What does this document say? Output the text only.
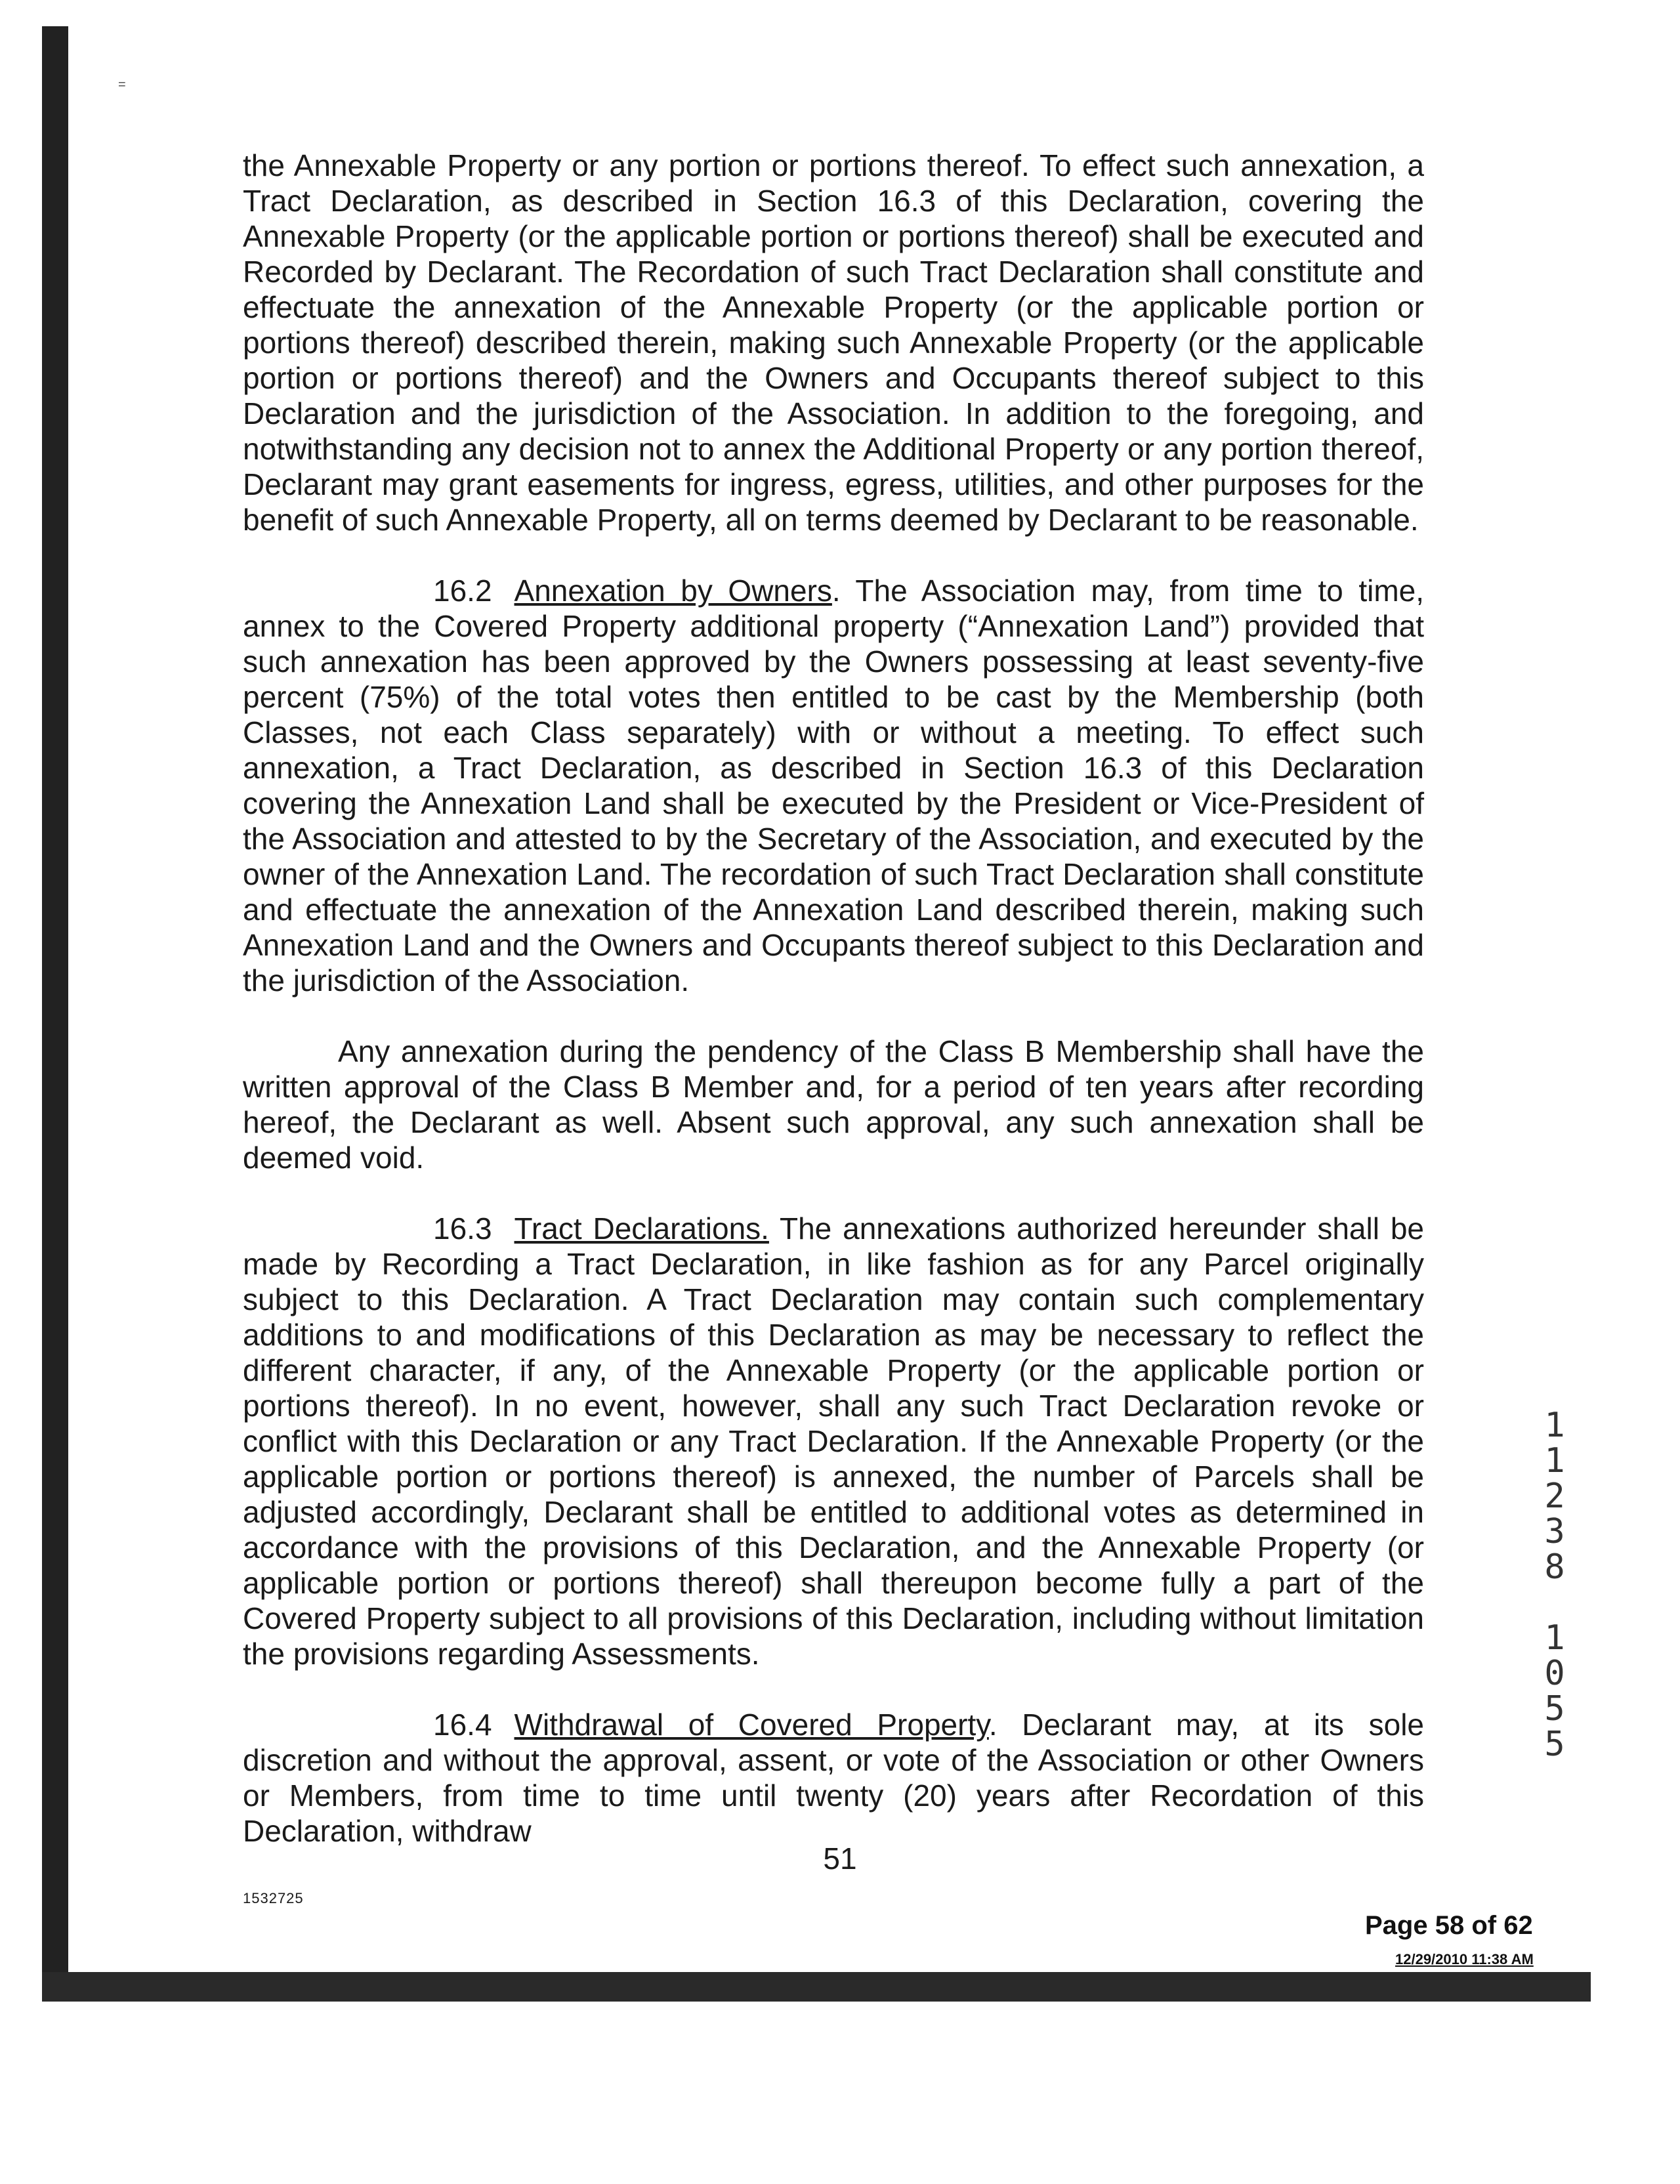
=

the Annexable Property or any portion or portions thereof. To effect such annexation, a Tract Declaration, as described in Section 16.3 of this Declaration, covering the Annexable Property (or the applicable portion or portions thereof) shall be executed and Recorded by Declarant. The Recordation of such Tract Declaration shall constitute and effectuate the annexation of the Annexable Property (or the applicable portion or portions thereof) described therein, making such Annexable Property (or the applicable portion or portions thereof) and the Owners and Occupants thereof subject to this Declaration and the jurisdiction of the Association. In addition to the foregoing, and notwithstanding any decision not to annex the Additional Property or any portion thereof, Declarant may grant easements for ingress, egress, utilities, and other purposes for the benefit of such Annexable Property, all on terms deemed by Declarant to be reasonable.

16.2 Annexation by Owners. The Association may, from time to time, annex to the Covered Property additional property (“Annexation Land”) provided that such annexation has been approved by the Owners possessing at least seventy-five percent (75%) of the total votes then entitled to be cast by the Membership (both Classes, not each Class separately) with or without a meeting. To effect such annexation, a Tract Declaration, as described in Section 16.3 of this Declaration covering the Annexation Land shall be executed by the President or Vice-President of the Association and attested to by the Secretary of the Association, and executed by the owner of the Annexation Land. The recordation of such Tract Declaration shall constitute and effectuate the annexation of the Annexation Land described therein, making such Annexation Land and the Owners and Occupants thereof subject to this Declaration and the jurisdiction of the Association.

Any annexation during the pendency of the Class B Membership shall have the written approval of the Class B Member and, for a period of ten years after recording hereof, the Declarant as well. Absent such approval, any such annexation shall be deemed void.

16.3 Tract Declarations. The annexations authorized hereunder shall be made by Recording a Tract Declaration, in like fashion as for any Parcel originally subject to this Declaration. A Tract Declaration may contain such complementary additions to and modifications of this Declaration as may be necessary to reflect the different character, if any, of the Annexable Property (or the applicable portion or portions thereof). In no event, however, shall any such Tract Declaration revoke or conflict with this Declaration or any Tract Declaration. If the Annexable Property (or the applicable portion or portions thereof) is annexed, the number of Parcels shall be adjusted accordingly, Declarant shall be entitled to additional votes as determined in accordance with the provisions of this Declaration, and the Annexable Property (or applicable portion or portions thereof) shall thereupon become fully a part of the Covered Property subject to all provisions of this Declaration, including without limitation the provisions regarding Assessments.

16.4 Withdrawal of Covered Property. Declarant may, at its sole discretion and without the approval, assent, or vote of the Association or other Owners or Members, from time to time until twenty (20) years after Recordation of this Declaration, withdraw

51
1532725
1
1
2
3
8
1
0
5
5
Page 58 of 62
12/29/2010 11:38 AM
